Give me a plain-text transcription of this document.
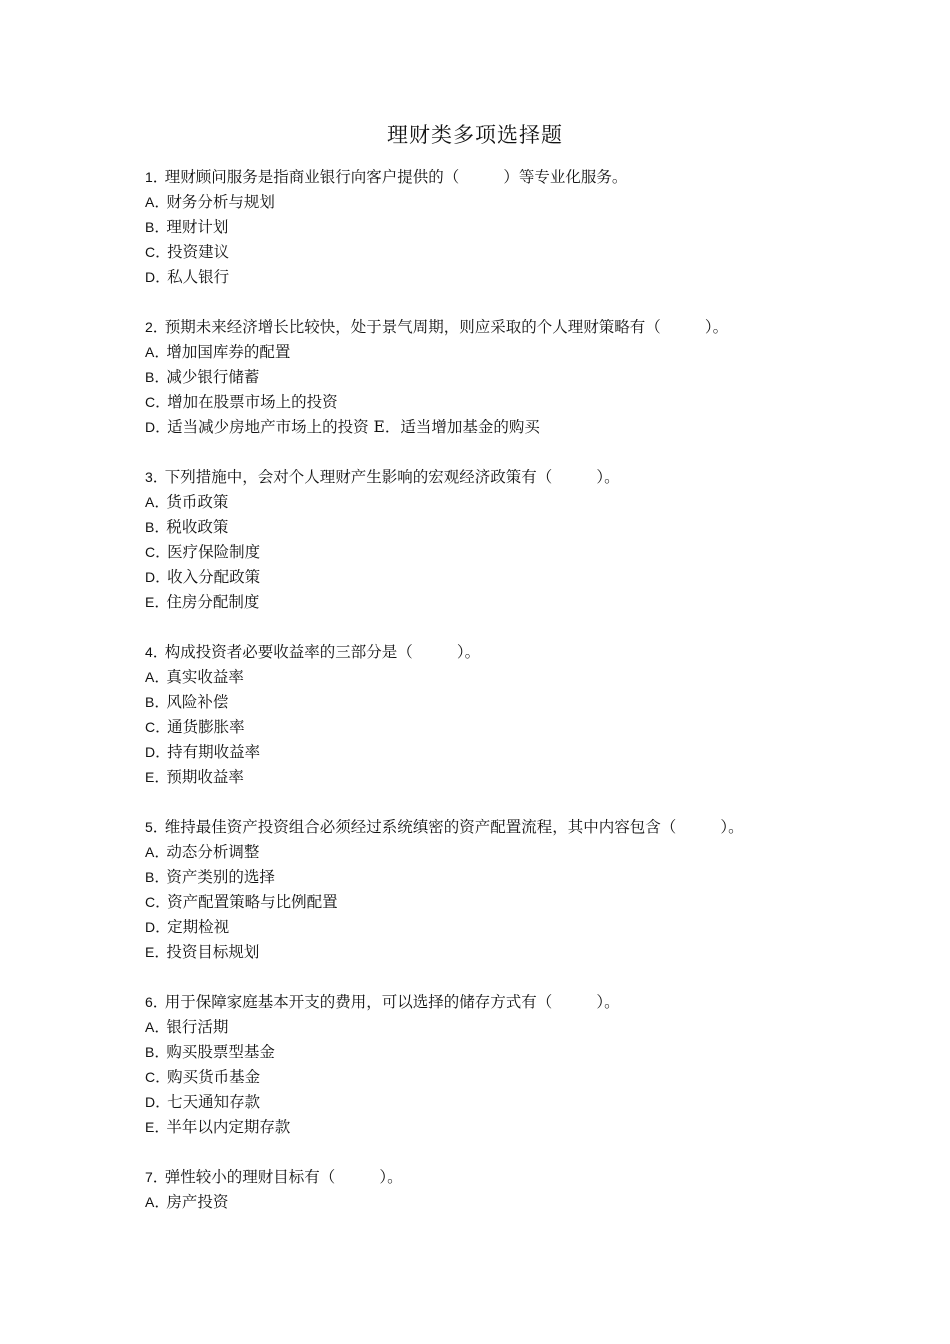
理财类多项选择题
1．理财顾问服务是指商业银行向客户提供的（	）等专业化服务。
A．财务分析与规划
B．理财计划
C．投资建议
D．私人银行
2．预期未来经济增长比较快，处于景气周期，则应采取的个人理财策略有（	）。
A．增加国库券的配置
B．减少银行储蓄
C．增加在股票市场上的投资
D．适当减少房地产市场上的投资 E．适当增加基金的购买
3．下列措施中，会对个人理财产生影响的宏观经济政策有（	）。
A．货币政策
B．税收政策
C．医疗保险制度
D．收入分配政策
E．住房分配制度
4．构成投资者必要收益率的三部分是（	）。
A．真实收益率
B．风险补偿
C．通货膨胀率
D．持有期收益率
E．预期收益率
5．维持最佳资产投资组合必须经过系统缜密的资产配置流程，其中内容包含（	）。
A．动态分析调整
B．资产类别的选择
C．资产配置策略与比例配置
D．定期检视
E．投资目标规划
6．用于保障家庭基本开支的费用，可以选择的储存方式有（	）。
A．银行活期
B．购买股票型基金
C．购买货币基金
D．七天通知存款
E．半年以内定期存款
7．弹性较小的理财目标有（	）。
A．房产投资
